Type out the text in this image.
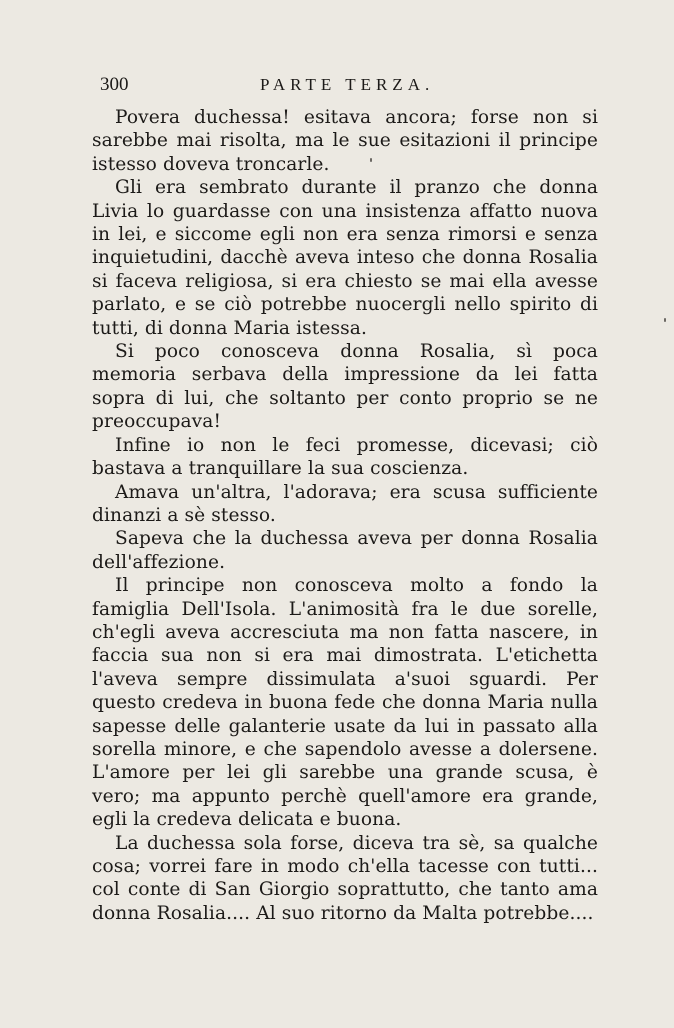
300	PARTE TERZA.

Povera duchessa! esitava ancora; forse non si sarebbe mai risolta, ma le sue esitazioni il principe istesso doveva troncarle.

Gli era sembrato durante il pranzo che donna Livia lo guardasse con una insistenza affatto nuova in lei, e siccome egli non era senza rimorsi e senza inquietudini, dacchè aveva inteso che donna Rosalia si faceva religiosa, si era chiesto se mai ella avesse parlato, e se ciò potrebbe nuocergli nello spirito di tutti, di donna Maria istessa.

Si poco conosceva donna Rosalia, sì poca memoria serbava della impressione da lei fatta sopra di lui, che soltanto per conto proprio se ne preoccupava!

Infine io non le feci promesse, dicevasi; ciò bastava a tranquillare la sua coscienza.

Amava un'altra, l'adorava; era scusa sufficiente dinanzi a sè stesso.

Sapeva che la duchessa aveva per donna Rosalia dell'affezione.

Il principe non conosceva molto a fondo la famiglia Dell'Isola. L'animosità fra le due sorelle, ch'egli aveva accresciuta ma non fatta nascere, in faccia sua non si era mai dimostrata. L'etichetta l'aveva sempre dissimulata a'suoi sguardi. Per questo credeva in buona fede che donna Maria nulla sapesse delle galanterie usate da lui in passato alla sorella minore, e che sapendolo avesse a dolersene. L'amore per lei gli sarebbe una grande scusa, è vero; ma appunto perchè quell'amore era grande, egli la credeva delicata e buona.

La duchessa sola forse, diceva tra sè, sa qualche cosa; vorrei fare in modo ch'ella tacesse con tutti... col conte di San Giorgio soprattutto, che tanto ama donna Rosalia.... Al suo ritorno da Malta potrebbe....
